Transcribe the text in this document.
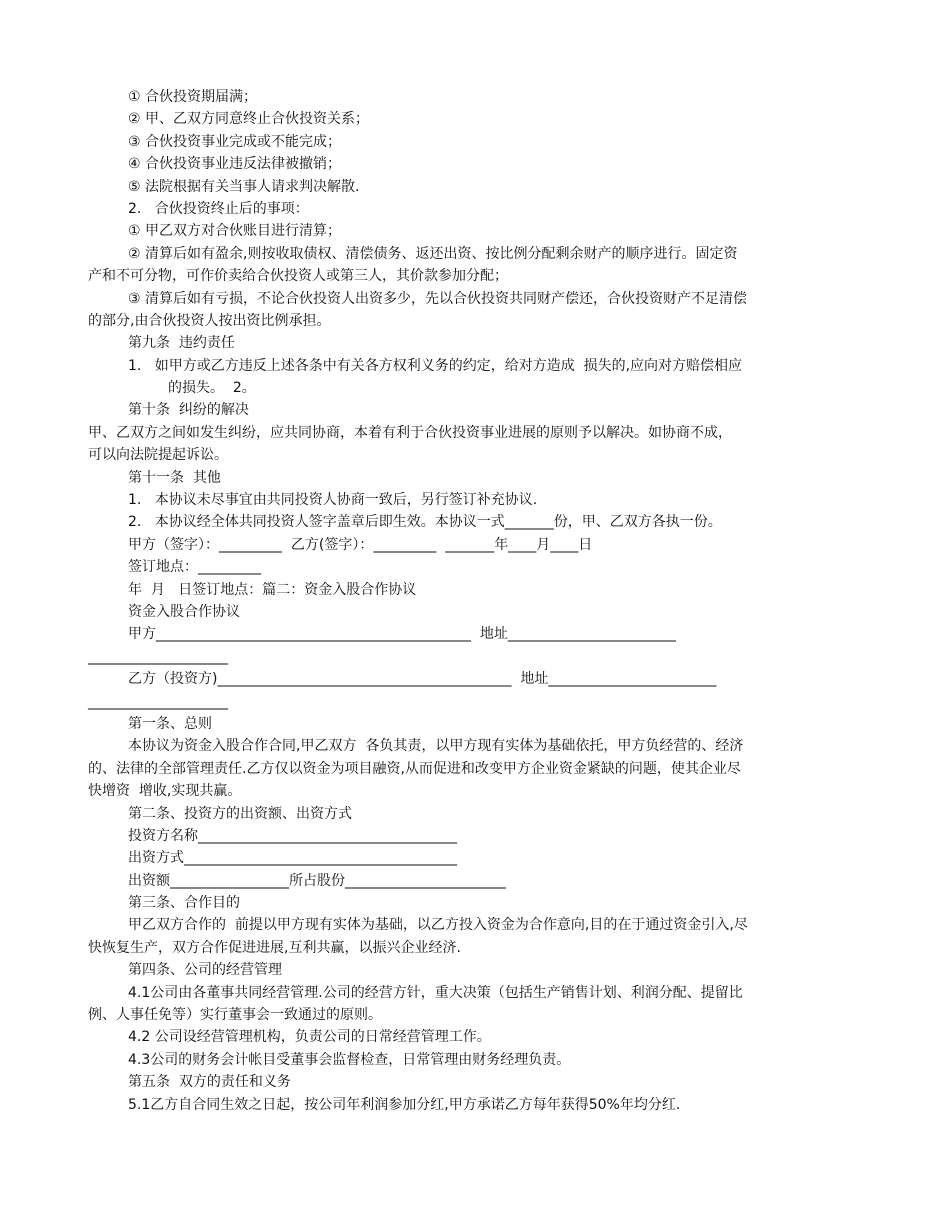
① 合伙投资期届满；

② 甲、乙双方同意终止合伙投资关系；

③ 合伙投资事业完成或不能完成；

④ 合伙投资事业违反法律被撤销；

⑤ 法院根据有关当事人请求判决解散.

2.   合伙投资终止后的事项：

① 甲乙双方对合伙账目进行清算；

② 清算后如有盈余,则按收取债权、清偿债务、返还出资、按比例分配剩余财产的顺序进行。固定资

产和不可分物，可作价卖给合伙投资人或第三人，其价款参加分配；

③ 清算后如有亏损，不论合伙投资人出资多少，先以合伙投资共同财产偿还，合伙投资财产不足清偿

的部分,由合伙投资人按出资比例承担。

第九条  违约责任

1.   如甲方或乙方违反上述各条中有关各方权利义务的约定，给对方造成  损失的,应向对方赔偿相应

的损失。  2。

第十条  纠纷的解决

甲、乙双方之间如发生纠纷，应共同协商，本着有利于合伙投资事业进展的原则予以解决。如协商不成，

可以向法院提起诉讼。

第十一条  其他

1.   本协议未尽事宜由共同投资人协商一致后，另行签订补充协议.

2.   本协议经全体共同投资人签字盖章后即生效。本协议一式_______份，甲、乙双方各执一份。

甲方（签字）：_________  乙方(签字）：_________  _______年____月____日

签订地点：_________

年  月   日签订地点：篇二：资金入股合作协议

资金入股合作协议

甲方_____________________________________________  地址________________________

____________________

乙方（投资方)__________________________________________  地址________________________

____________________

第一条、总则

本协议为资金入股合作合同,甲乙双方  各负其责，以甲方现有实体为基础依托，甲方负经营的、经济

的、法律的全部管理责任.乙方仅以资金为项目融资,从而促进和改变甲方企业资金紧缺的问题，使其企业尽

快增资  增收,实现共赢。

第二条、投资方的出资额、出资方式

投资方名称_____________________________________

出资方式_______________________________________

出资额_________________所占股份_______________________

第三条、合作目的

甲乙双方合作的  前提以甲方现有实体为基础，以乙方投入资金为合作意向,目的在于通过资金引入,尽

快恢复生产，双方合作促进进展,互利共赢，以振兴企业经济.

第四条、公司的经营管理

4.1公司由各董事共同经营管理.公司的经营方针，重大决策（包括生产销售计划、利润分配、提留比

例、人事任免等）实行董事会一致通过的原则。

4.2 公司设经营管理机构，负责公司的日常经营管理工作。

4.3公司的财务会计帐目受董事会监督检查，日常管理由财务经理负责。

第五条  双方的责任和义务

5.1乙方自合同生效之日起，按公司年利润参加分红,甲方承诺乙方每年获得50%年均分红.
